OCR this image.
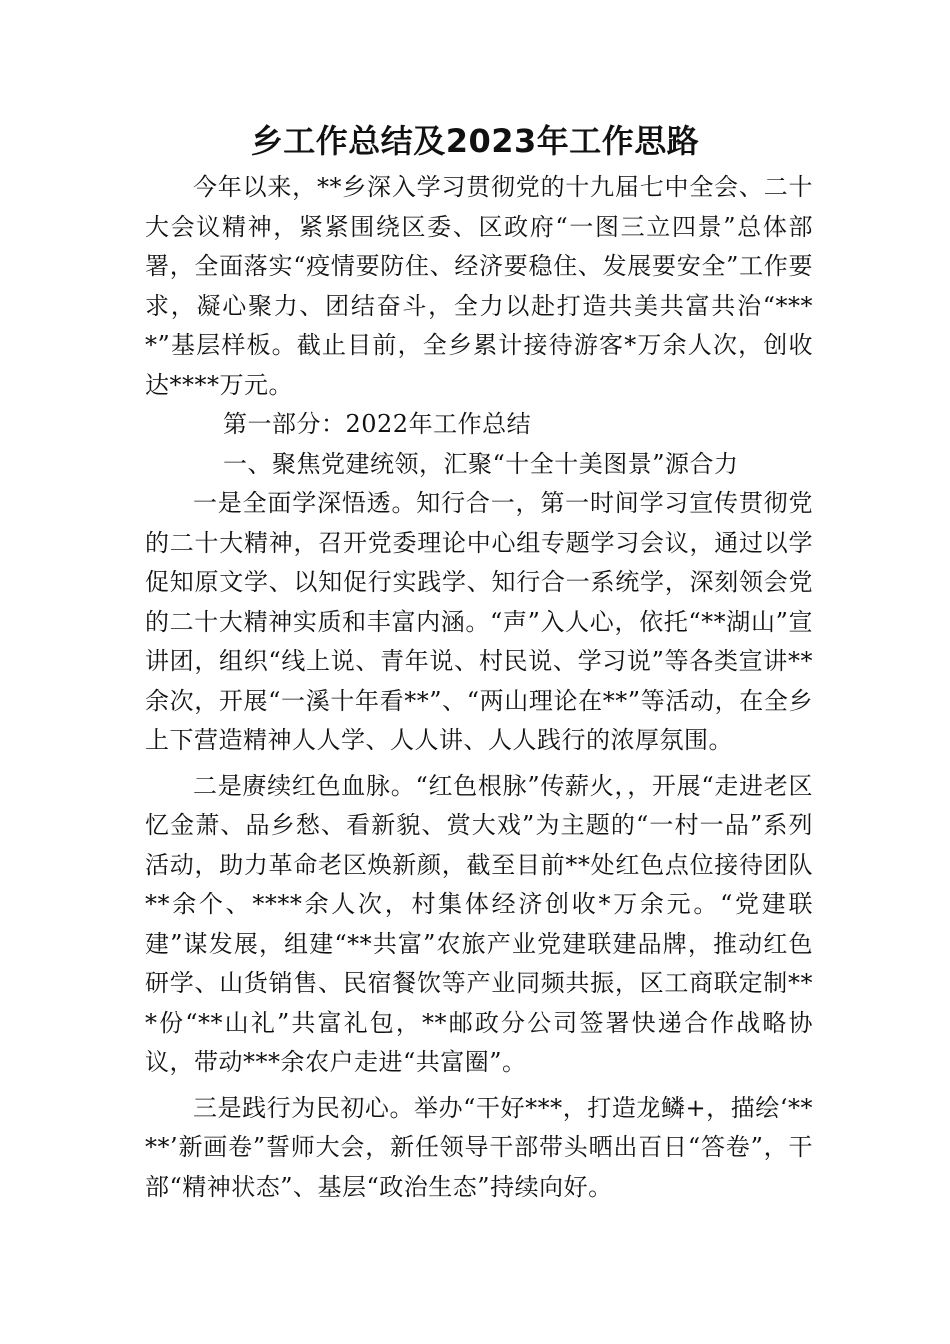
乡工作总结及2023年工作思路

今年以来，**乡深入学习贯彻党的十九届七中全会、二十大会议精神，紧紧围绕区委、区政府“一图三立四景”总体部署，全面落实“疫情要防住、经济要稳住、发展要安全”工作要求，凝心聚力、团结奋斗，全力以赴打造共美共富共治“****”基层样板。截止目前，全乡累计接待游客*万余人次，创收达****万元。

第一部分：2022年工作总结

一、聚焦党建统领，汇聚“十全十美图景”源合力

一是全面学深悟透。知行合一，第一时间学习宣传贯彻党的二十大精神，召开党委理论中心组专题学习会议，通过以学促知原文学、以知促行实践学、知行合一系统学，深刻领会党的二十大精神实质和丰富内涵。“声”入人心，依托“**湖山”宣讲团，组织“线上说、青年说、村民说、学习说”等各类宣讲**余次，开展“一溪十年看**”、“两山理论在**”等活动，在全乡上下营造精神人人学、人人讲、人人践行的浓厚氛围。

二是赓续红色血脉。“红色根脉”传薪火，，开展“走进老区忆金萧、品乡愁、看新貌、赏大戏”为主题的“一村一品”系列活动，助力革命老区焕新颜，截至目前**处红色点位接待团队**余个、****余人次，村集体经济创收*万余元。“党建联建”谋发展，组建“**共富”农旅产业党建联建品牌，推动红色研学、山货销售、民宿餐饮等产业同频共振，区工商联定制***份“**山礼”共富礼包，**邮政分公司签署快递合作战略协议，带动***余农户走进“共富圈”。

三是践行为民初心。举办“干好***，打造龙鳞+，描绘‘****’新画卷”誓师大会，新任领导干部带头晒出百日“答卷”，干部“精神状态”、基层“政治生态”持续向好。
